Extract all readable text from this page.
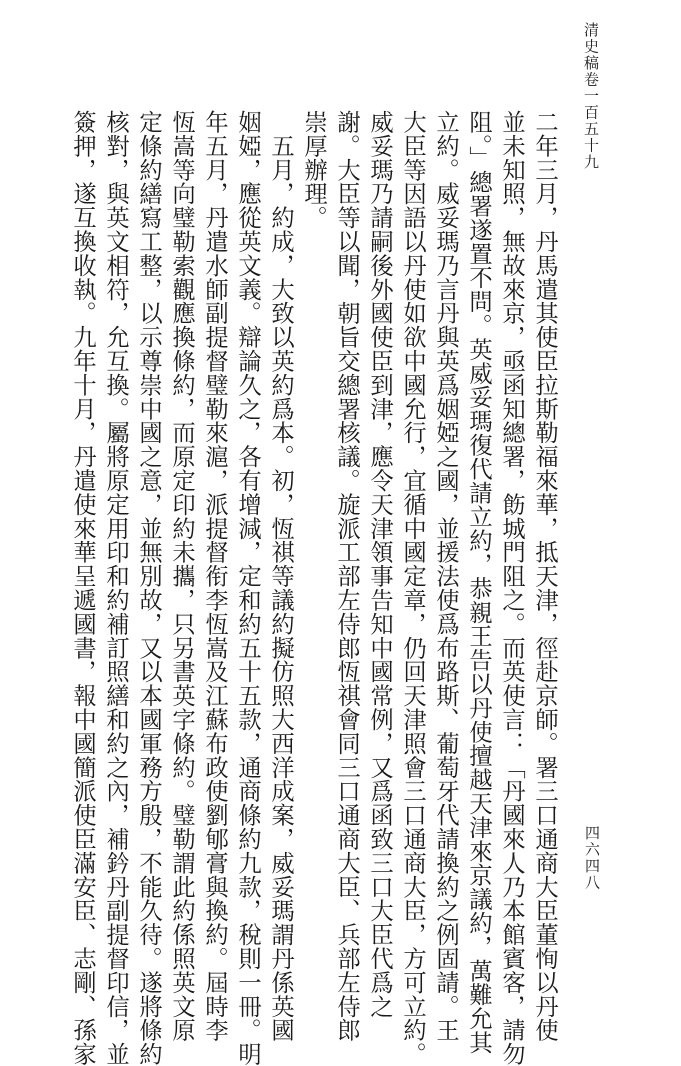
清史稿卷一百五十九
四六四八
二年三月，丹馬遣其使臣拉斯勒福來華，抵天津，徑赴京師。署三口通商大臣董恂以丹使
並未知照，無故來京，亟函知總署，飭城門阻之。而英使言：「丹國來人乃本館賓客，請勿
阻。」總署遂置不問。英威妥瑪復代請立約，恭親王告以丹使擅越天津來京議約，萬難允其
立約。威妥瑪乃言丹與英爲姻婭之國，並援法使爲布路斯、葡萄牙代請換約之例固請。王
大臣等因語以丹使如欲中國允行，宜循中國定章，仍回天津照會三口通商大臣，方可立約。
威妥瑪乃請嗣後外國使臣到津，應令天津領事告知中國常例，又爲函致三口大臣代爲之
謝。大臣等以聞，朝旨交總署核議。旋派工部左侍郎恆祺會同三口通商大臣、兵部左侍郎
崇厚辦理。
　五月，約成，大致以英約爲本。初，恆祺等議約擬仿照大西洋成案，威妥瑪謂丹係英國
姻婭，應從英文義。辯論久之，各有增減，定和約五十五款，通商條約九款，稅則一冊。明
年五月，丹遣水師副提督璧勒來滬，派提督衔李恆嵩及江蘇布政使劉郇膏與換約。屆時李
恆嵩等向璧勒索觀應換條約，而原定印約未攜，只另書英字條約。璧勒謂此約係照英文原
定條約繕寫工整，以示尊崇中國之意，並無別故，又以本國軍務方殷，不能久待。遂將條約
核對，與英文相符，允互換。屬將原定用印和約補訂照繕和約之內，補鈐丹副提督印信，並
簽押，遂互換收執。九年十月，丹遣使來華呈遞國書，報中國簡派使臣滿安臣、志剛、孫家
